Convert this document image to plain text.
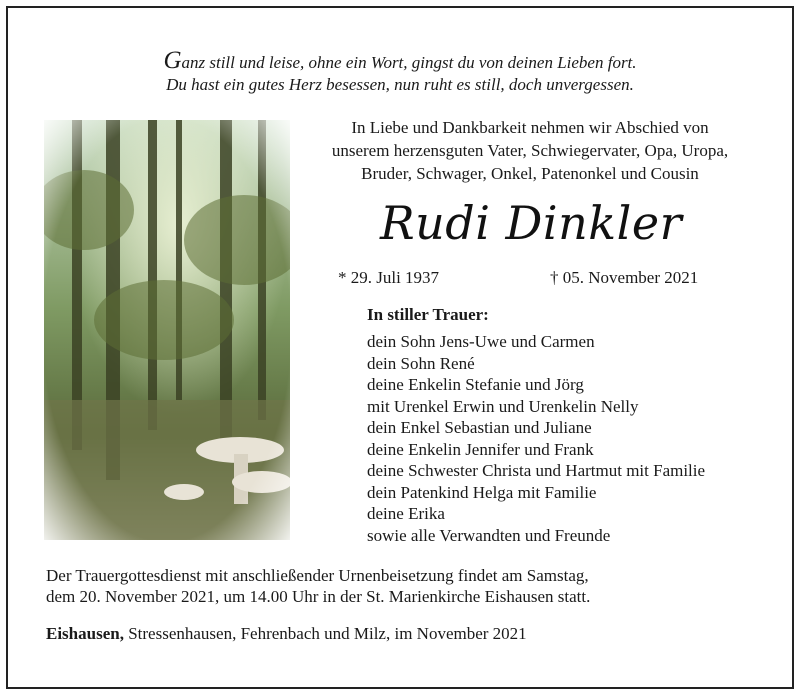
Ganz still und leise, ohne ein Wort, gingst du von deinen Lieben fort.
Du hast ein gutes Herz besessen, nun ruht es still, doch unvergessen.
In Liebe und Dankbarkeit nehmen wir Abschied von
unserem herzensguten Vater, Schwiegervater, Opa, Uropa,
Bruder, Schwager, Onkel, Patenonkel und Cousin
Rudi Dinkler
* 29. Juli 1937	† 05. November 2021
In stiller Trauer:
dein Sohn Jens-Uwe und Carmen
dein Sohn René
deine Enkelin Stefanie und Jörg
mit Urenkel Erwin und Urenkelin Nelly
dein Enkel Sebastian und Juliane
deine Enkelin Jennifer und Frank
deine Schwester Christa und Hartmut mit Familie
dein Patenkind Helga mit Familie
deine Erika
sowie alle Verwandten und Freunde
Der Trauergottesdienst mit anschließender Urnenbeisetzung findet am Samstag,
dem 20. November 2021, um 14.00 Uhr in der St. Marienkirche Eishausen statt.
Eishausen, Stressenhausen, Fehrenbach und Milz, im November 2021
